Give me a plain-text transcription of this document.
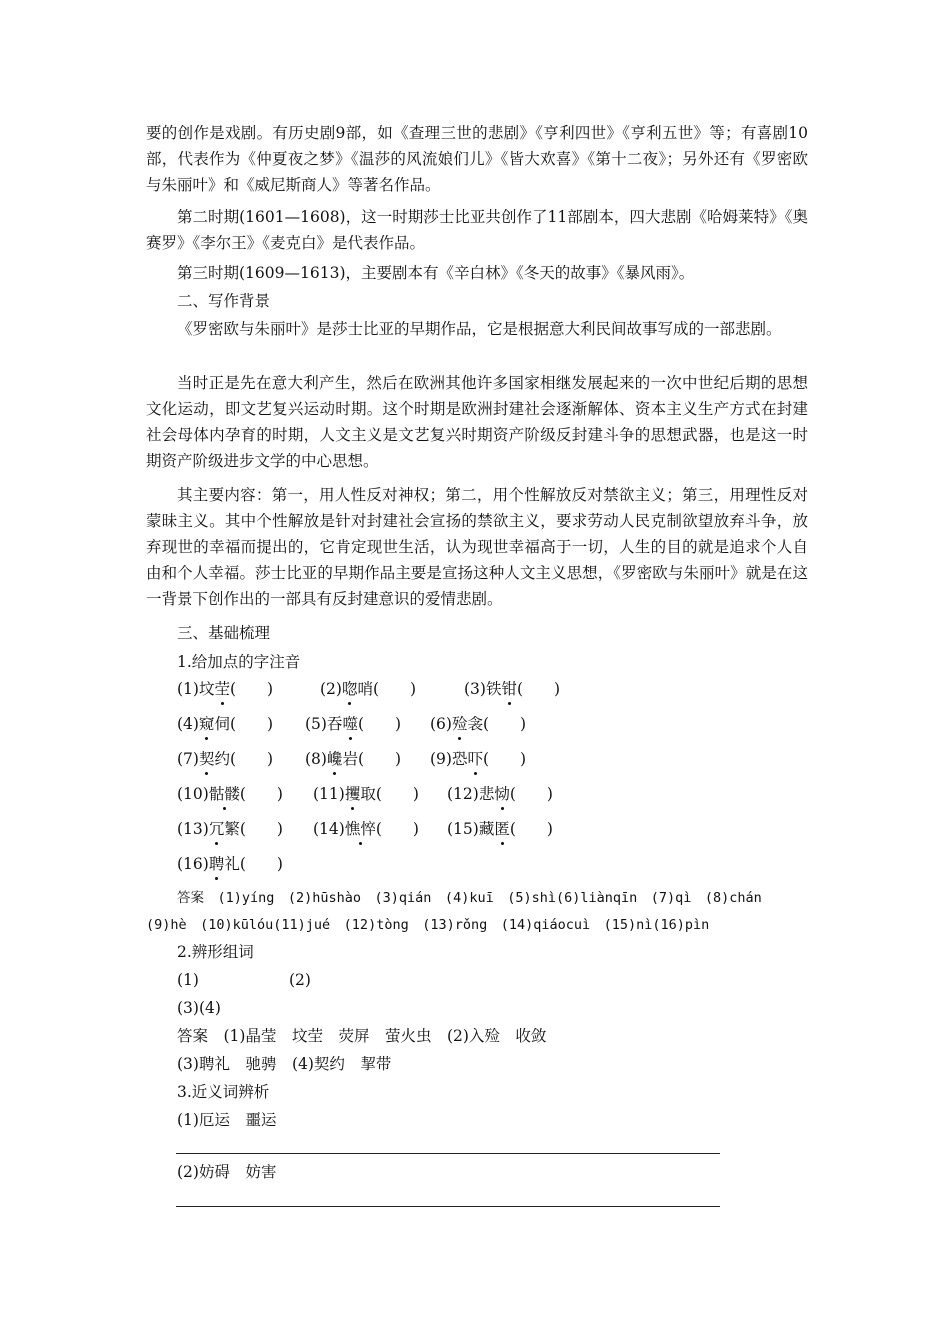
要的创作是戏剧。有历史剧9部，如《查理三世的悲剧》《亨利四世》《亨利五世》等；有喜剧10部，代表作为《仲夏夜之梦》《温莎的风流娘们儿》《皆大欢喜》《第十二夜》；另外还有《罗密欧与朱丽叶》和《威尼斯商人》等著名作品。
第二时期(1601—1608)，这一时期莎士比亚共创作了11部剧本，四大悲剧《哈姆莱特》《奥赛罗》《李尔王》《麦克白》是代表作品。
第三时期(1609—1613)，主要剧本有《辛白林》《冬天的故事》《暴风雨》。
二、写作背景
《罗密欧与朱丽叶》是莎士比亚的早期作品，它是根据意大利民间故事写成的一部悲剧。
当时正是先在意大利产生，然后在欧洲其他许多国家相继发展起来的一次中世纪后期的思想文化运动，即文艺复兴运动时期。这个时期是欧洲封建社会逐渐解体、资本主义生产方式在封建社会母体内孕育的时期，人文主义是文艺复兴时期资产阶级反封建斗争的思想武器，也是这一时期资产阶级进步文学的中心思想。
其主要内容：第一，用人性反对神权；第二，用个性解放反对禁欲主义；第三，用理性反对蒙昧主义。其中个性解放是针对封建社会宣扬的禁欲主义，要求劳动人民克制欲望放弃斗争，放弃现世的幸福而提出的，它肯定现世生活，认为现世幸福高于一切，人生的目的就是追求个人自由和个人幸福。莎士比亚的早期作品主要是宣扬这种人文主义思想，《罗密欧与朱丽叶》就是在这一背景下创作出的一部具有反封建意识的爱情悲剧。
三、基础梳理
1.给加点的字注音
(1)坟茔(　　)	(2)唿哨(　　)	(3)铁钳(　　)
(4)窥伺(　　) (5)吞噬(　　) (6)殓衾(　　)
(7)契约(　　) (8)巉岩(　　) (9)恐吓(　　)
(10)骷髅(　　) (11)攫取(　　) (12)悲恸(　　)
(13)冗繁(　　) (14)憔悴(　　) (15)藏匿(　　)
(16)聘礼(　　)
答案　(1)yíng　(2)hūshào　(3)qián　(4)kuī　(5)shì(6)liànqīn　(7)qì　(8)chán
(9)hè　(10)kūlóu(11)jué　(12)tòng　(13)rǒng　(14)qiáocuì　(15)nì(16)pìn
2.辨形组词
(1)	(2)
(3)(4)
答案　(1)晶莹　坟茔　荧屏　萤火虫　(2)入殓　收敛
(3)聘礼　驰骋　(4)契约　挈带
3.近义词辨析
(1)厄运　噩运
(2)妨碍　妨害
